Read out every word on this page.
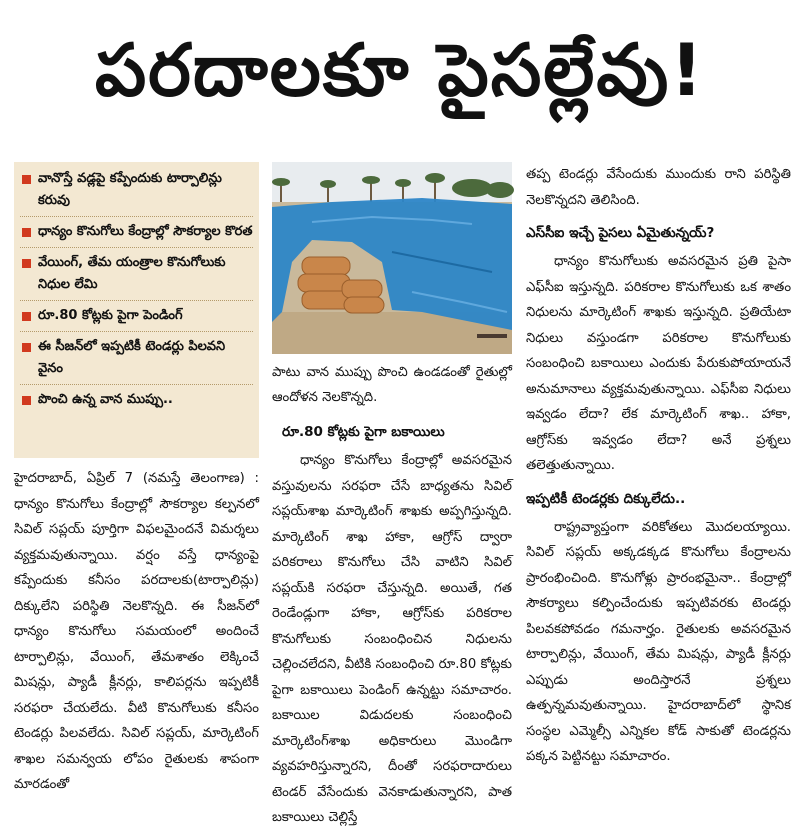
పరదాలకూ పైసల్లేవు!
వానొస్తే వడ్లపై కప్పేందుకు టార్పాలిన్లు కరువు
ధాన్యం కొనుగోలు కేంద్రాల్లో సౌకర్యాల కొరత
వేయింగ్, తేమ యంత్రాల కొనుగోలుకు నిధుల లేమి
రూ.80 కోట్లకు పైగా పెండింగ్
ఈ సీజన్‌లో ఇప్పటికీ టెండర్లు పిలవని వైనం
పొంచి ఉన్న వాన ముప్పు..

హైదరాబాద్, ఏప్రిల్ 7 (నమస్తే తెలంగాణ) : ధాన్యం కొనుగోలు కేంద్రాల్లో సౌకర్యాల కల్పనలో సివిల్ సప్లయ్ పూర్తిగా విఫలమైందనే విమర్శలు వ్యక్తమవుతున్నాయి. వర్షం వస్తే ధాన్యంపై కప్పేందుకు కనీసం పరదాలకు(టార్పాలిన్లు) దిక్కులేని పరిస్థితి నెలకొన్నది. ఈ సీజన్‌లో ధాన్యం కొనుగోలు సమయంలో అందించే టార్పాలిన్లు, వేయింగ్, తేమశాతం లెక్కించే మిషన్లు, ప్యాడీ క్లీనర్లు, కాలిపర్లను ఇప్పటికీ సరఫరా చేయలేదు. వీటి కొనుగోలుకు కనీసం టెండర్లు పిలవలేదు. సివిల్ సప్లయ్, మార్కెటింగ్ శాఖల సమన్వయ లోపం రైతులకు శాపంగా మారడంతో

పాటు వాన ముప్పు పొంచి ఉండడంతో రైతుల్లో ఆందోళన నెలకొన్నది.

రూ.80 కోట్లకు పైగా బకాయిలు

ధాన్యం కొనుగోలు కేంద్రాల్లో అవసరమైన వస్తువులను సరఫరా చేసే బాధ్యతను సివిల్ సప్లయ్‌శాఖ మార్కెటింగ్ శాఖకు అప్పగిస్తున్నది. మార్కెటింగ్ శాఖ హాకా, ఆగ్రోస్ ద్వారా పరికరాలు కొనుగోలు చేసి వాటిని సివిల్ సప్లయ్‌కి సరఫరా చేస్తున్నది. అయితే, గత రెండేండ్లుగా హాకా, ఆగ్రోస్‌కు పరికరాల కొనుగోలుకు సంబంధించిన నిధులను చెల్లించలేదని, వీటికి సంబంధించి రూ.80 కోట్లకు పైగా బకాయిలు పెండింగ్ ఉన్నట్టు సమాచారం. బకాయిల విడుదలకు సంబంధించి మార్కెటింగ్‌శాఖ అధికారులు మొండిగా వ్యవహరిస్తున్నారని, దీంతో సరఫరాదారులు టెండర్ వేసేందుకు వెనకాడుతున్నారని, పాత బకాయిలు చెల్లిస్తే

తప్ప టెండర్లు వేసేందుకు ముందుకు రాని పరిస్థితి నెలకొన్నదని తెలిసింది.

ఎస్‌సీఐ ఇచ్చే పైసలు ఏమైతున్నయ్?

ధాన్యం కొనుగోలుకు అవసరమైన ప్రతి పైసా ఎఫ్‌సీఐ ఇస్తున్నది. పరికరాల కొనుగోలుకు ఒక శాతం నిధులను మార్కెటింగ్ శాఖకు ఇస్తున్నది. ప్రతియేటా నిధులు వస్తుండగా పరికరాల కొనుగోలుకు సంబంధించి బకాయిలు ఎందుకు పేరుకుపోయాయనే అనుమానాలు వ్యక్తమవుతున్నాయి. ఎఫ్‌సీఐ నిధులు ఇవ్వడం లేదా? లేక మార్కెటింగ్ శాఖ.. హాకా, ఆగ్రోస్‌కు ఇవ్వడం లేదా? అనే ప్రశ్నలు తలెత్తుతున్నాయి.

ఇప్పటికీ టెండర్లకు దిక్కులేదు..

రాష్ట్రవ్యాప్తంగా వరికోతలు మొదలయ్యాయి. సివిల్ సప్లయ్ అక్కడక్కడ కొనుగోలు కేంద్రాలను ప్రారంభించింది. కొనుగోళ్లు ప్రారంభమైనా.. కేంద్రాల్లో సౌకర్యాలు కల్పించేందుకు ఇప్పటివరకు టెండర్లు పిలవకపోవడం గమనార్హం. రైతులకు అవసరమైన టార్పాలిన్లు, వేయింగ్, తేమ మిషన్లు, ప్యాడీ క్లీనర్లు ఎప్పుడు అందిస్తారనే ప్రశ్నలు ఉత్పన్నమవుతున్నాయి. హైదరాబాద్‌లో స్థానిక సంస్థల ఎమ్మెల్సీ ఎన్నికల కోడ్ సాకుతో టెండర్లను పక్కన పెట్టినట్టు సమాచారం.
